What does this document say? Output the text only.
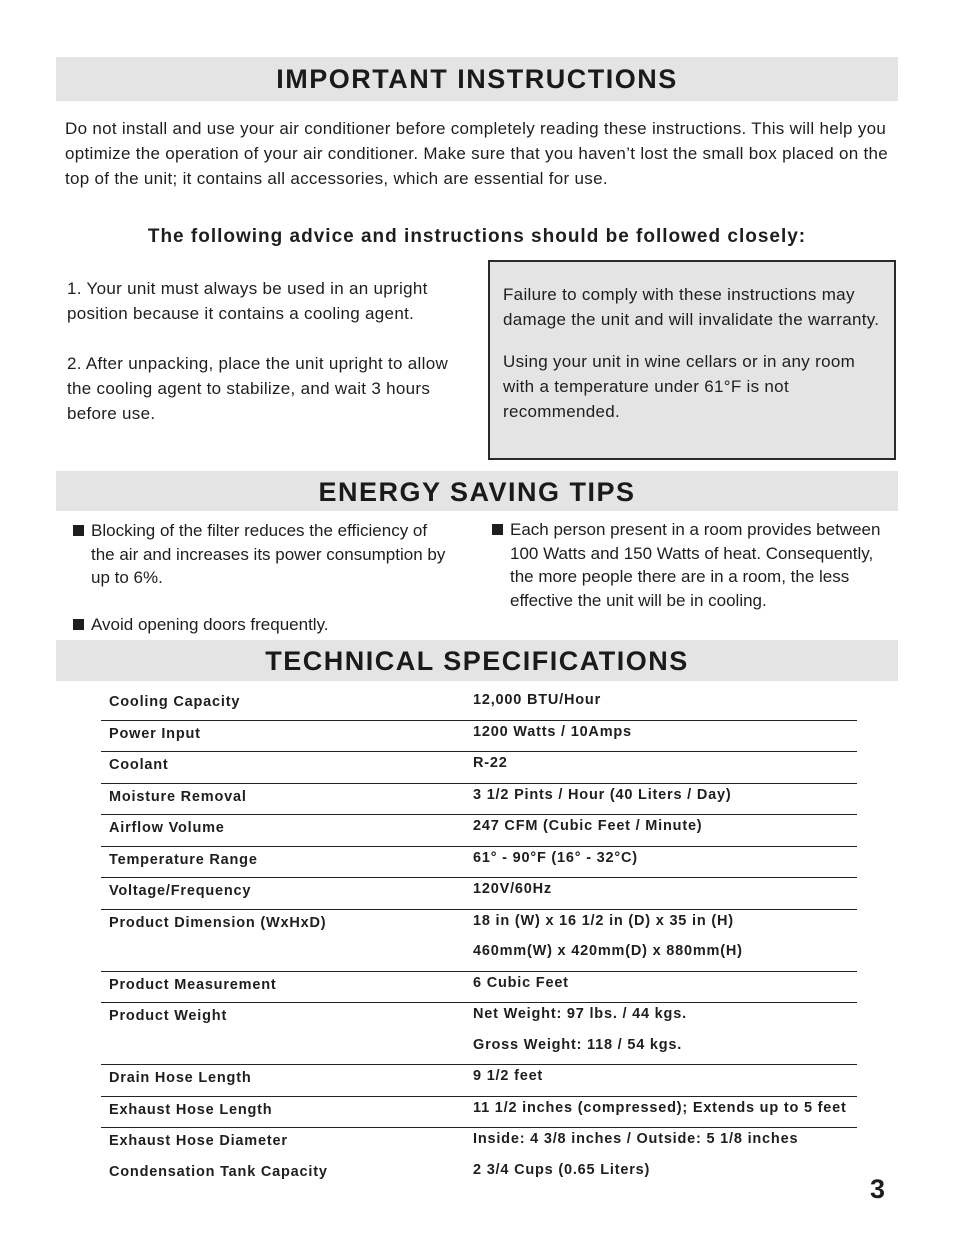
IMPORTANT INSTRUCTIONS

Do not install and use your air conditioner before completely reading these instructions. This will help you optimize the operation of your air conditioner. Make sure that you haven’t lost the small box placed on the top of the unit; it contains all accessories, which are essential for use.

The following advice and instructions should be followed closely:

1. Your unit must always be used in an upright position because it contains a cooling agent.

2. After unpacking, place the unit upright to allow the cooling agent to stabilize, and wait 3 hours before use.

Failure to comply with these instructions may damage the unit and will invalidate the warranty.

Using your unit in wine cellars or in any room with a temperature under 61°F is not recommended.

ENERGY SAVING TIPS
Blocking of the filter reduces the efficiency of the air and increases its power consumption by up to 6%.
Avoid opening doors frequently.
Each person present in a room provides between 100 Watts and 150 Watts of heat. Consequently, the more people there are in a room, the less effective the unit will be in cooling.
TECHNICAL SPECIFICATIONS
Cooling Capacity	12,000 BTU/Hour
Power Input	1200 Watts / 10Amps
Coolant	R-22
Moisture Removal	3 1/2 Pints / Hour (40 Liters / Day)
Airflow Volume	247 CFM (Cubic Feet / Minute)
Temperature Range	61° - 90°F (16° - 32°C)
Voltage/Frequency	120V/60Hz
Product Dimension (WxHxD)	18 in (W) x 16 1/2 in (D) x 35 in (H)
460mm(W) x 420mm(D) x 880mm(H)
Product Measurement	6 Cubic Feet
Product Weight	Net Weight: 97 lbs. / 44 kgs.
Gross Weight: 118 / 54 kgs.
Drain Hose Length	9 1/2 feet
Exhaust Hose Length	11 1/2 inches (compressed); Extends up to 5 feet
Exhaust Hose Diameter	Inside: 4 3/8 inches / Outside: 5 1/8 inches
Condensation Tank Capacity	2 3/4 Cups (0.65 Liters)
3
